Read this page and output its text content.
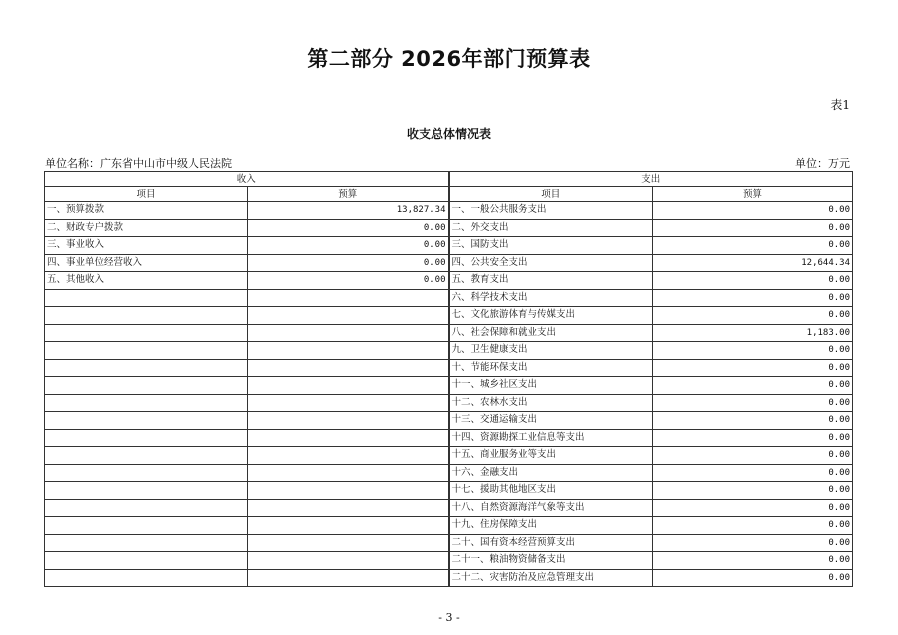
第二部分 2026年部门预算表
表1
收支总体情况表
单位名称：广东省中山市中级人民法院	单位：万元
收入		支出	
项目	预算	项目	预算
一、预算拨款	13,827.34	一、一般公共服务支出	0.00
二、财政专户拨款	0.00	二、外交支出	0.00
三、事业收入	0.00	三、国防支出	0.00
四、事业单位经营收入	0.00	四、公共安全支出	12,644.34
五、其他收入	0.00	五、教育支出	0.00
		六、科学技术支出	0.00
		七、文化旅游体育与传媒支出	0.00
		八、社会保障和就业支出	1,183.00
		九、卫生健康支出	0.00
		十、节能环保支出	0.00
		十一、城乡社区支出	0.00
		十二、农林水支出	0.00
		十三、交通运输支出	0.00
		十四、资源勘探工业信息等支出	0.00
		十五、商业服务业等支出	0.00
		十六、金融支出	0.00
		十七、援助其他地区支出	0.00
		十八、自然资源海洋气象等支出	0.00
		十九、住房保障支出	0.00
		二十、国有资本经营预算支出	0.00
		二十一、粮油物资储备支出	0.00
		二十二、灾害防治及应急管理支出	0.00
- 3 -
